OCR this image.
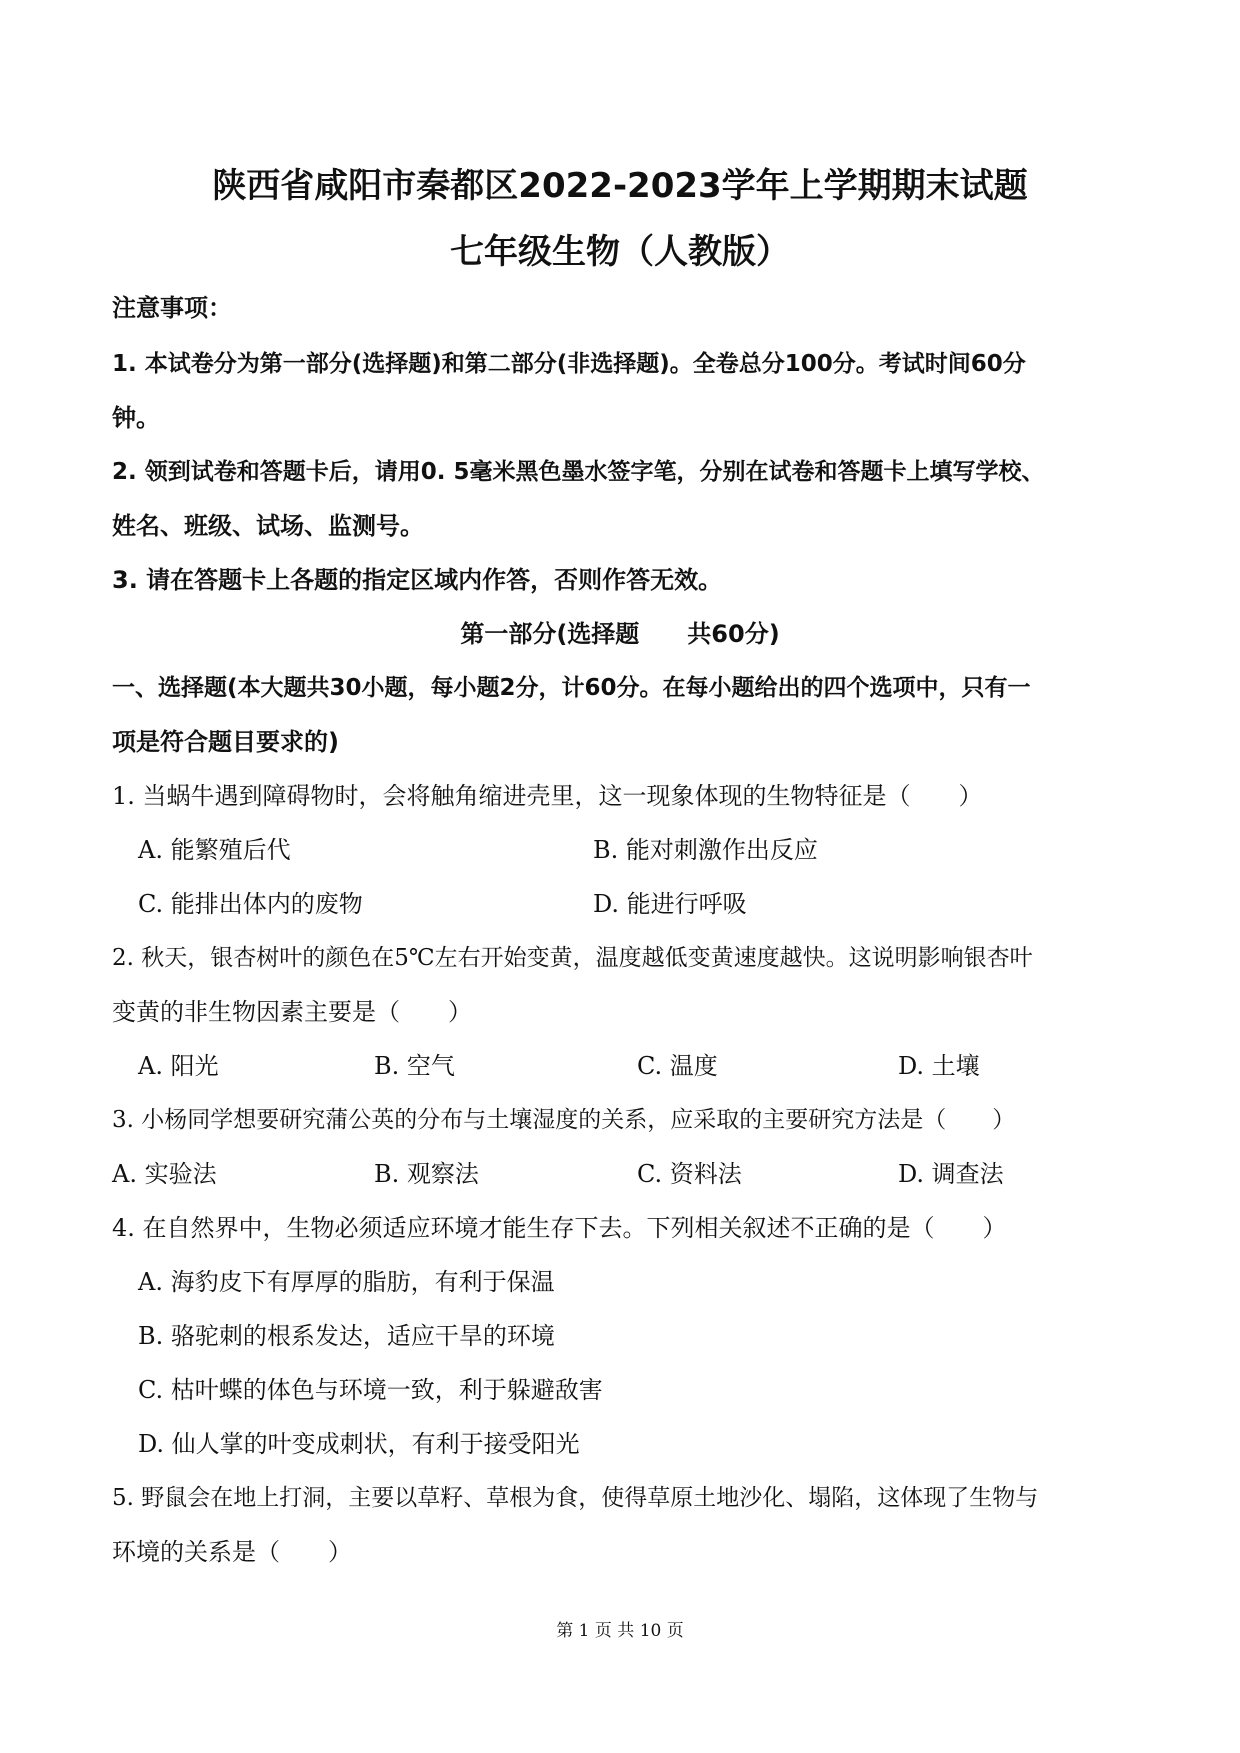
陕西省咸阳市秦都区2022-2023学年上学期期末试题
七年级生物（人教版）
注意事项：
1. 本试卷分为第一部分(选择题)和第二部分(非选择题)。全卷总分100分。考试时间60分
钟。
2. 领到试卷和答题卡后，请用0. 5毫米黑色墨水签字笔，分别在试卷和答题卡上填写学校、
姓名、班级、试场、监测号。
3. 请在答题卡上各题的指定区域内作答，否则作答无效。
第一部分(选择题　　共60分)
一、选择题(本大题共30小题，每小题2分，计60分。在每小题给出的四个选项中，只有一
项是符合题目要求的)
1. 当蜗牛遇到障碍物时，会将触角缩进壳里，这一现象体现的生物特征是（　　）
A. 能繁殖后代	B. 能对刺激作出反应
C. 能排出体内的废物	D. 能进行呼吸
2. 秋天，银杏树叶的颜色在5℃左右开始变黄，温度越低变黄速度越快。这说明影响银杏叶
变黄的非生物因素主要是（　　）
A. 阳光	B. 空气	C. 温度	D. 土壤
3. 小杨同学想要研究蒲公英的分布与土壤湿度的关系，应采取的主要研究方法是（　　）
A. 实验法	B. 观察法	C. 资料法	D. 调查法
4. 在自然界中，生物必须适应环境才能生存下去。下列相关叙述不正确的是（　　）
A. 海豹皮下有厚厚的脂肪，有利于保温
B. 骆驼刺的根系发达，适应干旱的环境
C. 枯叶蝶的体色与环境一致，利于躲避敌害
D. 仙人掌的叶变成刺状，有利于接受阳光
5. 野鼠会在地上打洞，主要以草籽、草根为食，使得草原土地沙化、塌陷，这体现了生物与
环境的关系是（　　）
第 1 页 共 10 页
